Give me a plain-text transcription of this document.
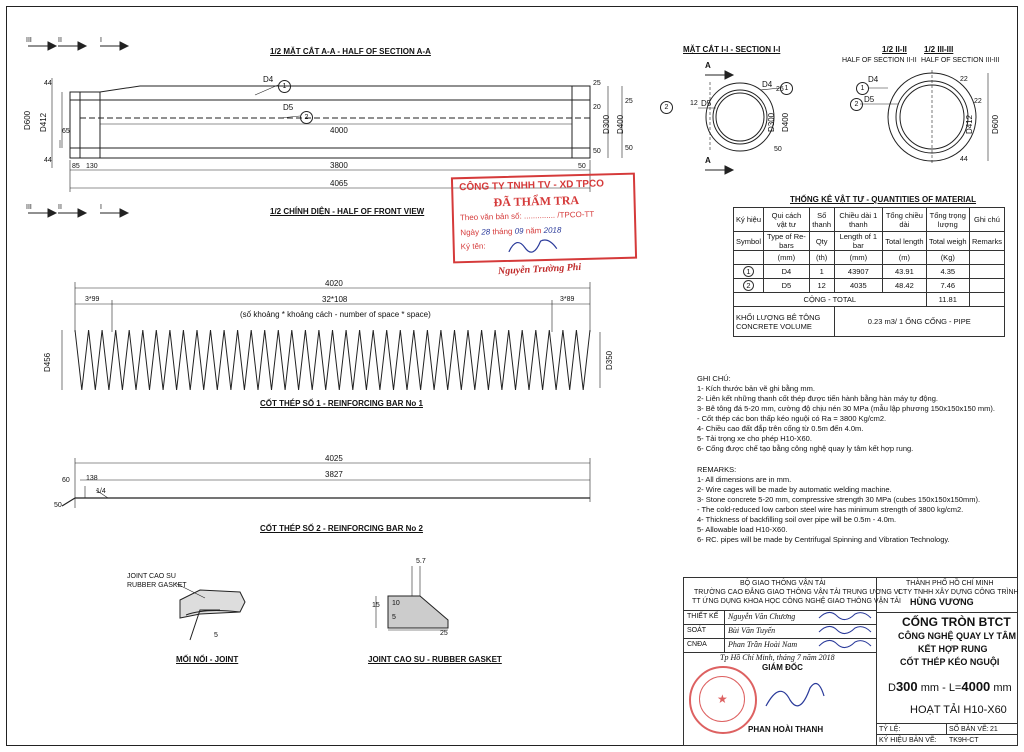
1/2 MẶT CẮT A-A - HALF OF SECTION A-A
III	II	I
D600 D412
44
44
65
25
25
20
50	50
D300 D400
4000
85 130	3800	50
4065
D4
D5
1
2
1/2 CHÍNH DIỆN - HALF OF FRONT VIEW
III	II	I
4020
3*99	32*108	3*89
(số khoảng * khoảng cách - number of space * space)
D456	D350
CỐT THÉP SỐ 1 - REINFORCING BAR No 1
4025
3827
138
60
50
1/4
CỐT THÉP SỐ 2 - REINFORCING BAR No 2
JOINT CAO SU
RUBBER GASKET
5
MỐI NỐI - JOINT
5.7
15 10
5
25
JOINT CAO SU - RUBBER GASKET
MẶT CẮT I-I - SECTION I-I
A
A
D4
12 D5
1
2
D300 D400
25
50
1/2 II-II 1/2 III-III
HALF OF SECTION II-II HALF OF SECTION III-III
D4
D5
1
2
D412 D600
22
22
44
CÔNG TY TNHH TV - XD TPCO
ĐÃ THẨM TRA
Theo văn bản số: .............. /TPCO-TT
Ngày 28 tháng 09 năm 2018
Ký tên:
Nguyễn Trường Phi
THỐNG KÊ VẬT TƯ - QUANTITIES OF MATERIAL
Ký hiệu	Qui cách vật tư	Số thanh	Chiều dài 1 thanh	Tổng chiều dài	Tổng trọng lượng	Ghi chú
Symbol	Type of Re-bars	Qty	Length of 1 bar	Total length	Total weigh	Remarks
	(mm)	(th)	(mm)	(m)	(Kg)	
1	D4	1	43907	43.91	4.35	
2	D5	12	4035	48.42	7.46	
CỘNG - TOTAL					11.81	

KHỐI LƯỢNG BÊ TÔNG
CONCRETE VOLUME			0.23 m3/ 1 ỐNG CỐNG - PIPE			
GHI CHÚ:
1- Kích thước bản vẽ ghi bằng mm.
2- Liên kết những thanh cốt thép được tiến hành bằng hàn máy tự động.
3- Bê tông đá 5-20 mm, cường độ chịu nén 30 MPa (mẫu lập phương 150x150x150 mm).
- Cốt thép các bon thấp kéo nguội có Ra = 3800 Kg/cm2.
4- Chiều cao đất đắp trên cống từ 0.5m đến 4.0m.
5- Tải trọng xe cho phép H10-X60.
6- Cống được chế tạo bằng công nghệ quay ly tâm kết hợp rung.
REMARKS:
1- All dimensions are in mm.
2- Wire cages will be made by automatic welding machine.
3- Stone concrete 5-20 mm, compressive strength 30 MPa (cubes 150x150x150mm).
- The cold-reduced low carbon steel wire has minimum strength of 3800 kg/cm2.
4- Thickness of backfilling soil over pipe will be 0.5m - 4.0m.
5- Allowable load H10-X60.
6- RC. pipes will be made by Centrifugal Spinning and Vibration Technology.
BỘ GIAO THÔNG VẬN TẢI
TRƯỜNG CAO ĐẲNG GIAO THÔNG VẬN TẢI TRUNG ƯƠNG VI
TT ỨNG DỤNG KHOA HỌC CÔNG NGHỆ GIAO THÔNG VẬN TẢI
THIẾT KẾ Nguyễn Văn Chương
SOÁT	Bùi Văn Tuyến
CNĐA	Phan Trần Hoài Nam
Tp Hồ Chí Minh, tháng 7 năm 2018
GIÁM ĐỐC
★
PHAN HOÀI THANH
THÀNH PHỐ HỒ CHÍ MINH
CTY TNHH XÂY DỰNG CÔNG TRÌNH
HÙNG VƯƠNG
CỐNG TRÒN BTCT
CÔNG NGHỆ QUAY LY TÂM
KẾT HỢP RUNG
CỐT THÉP KÉO NGUỘI
D300 mm - L=4000 mm
HOẠT TẢI H10-X60
TỶ LỆ:	SỐ BẢN VẼ: 21
KÝ HIỆU BẢN VẼ: TK9H-CT
